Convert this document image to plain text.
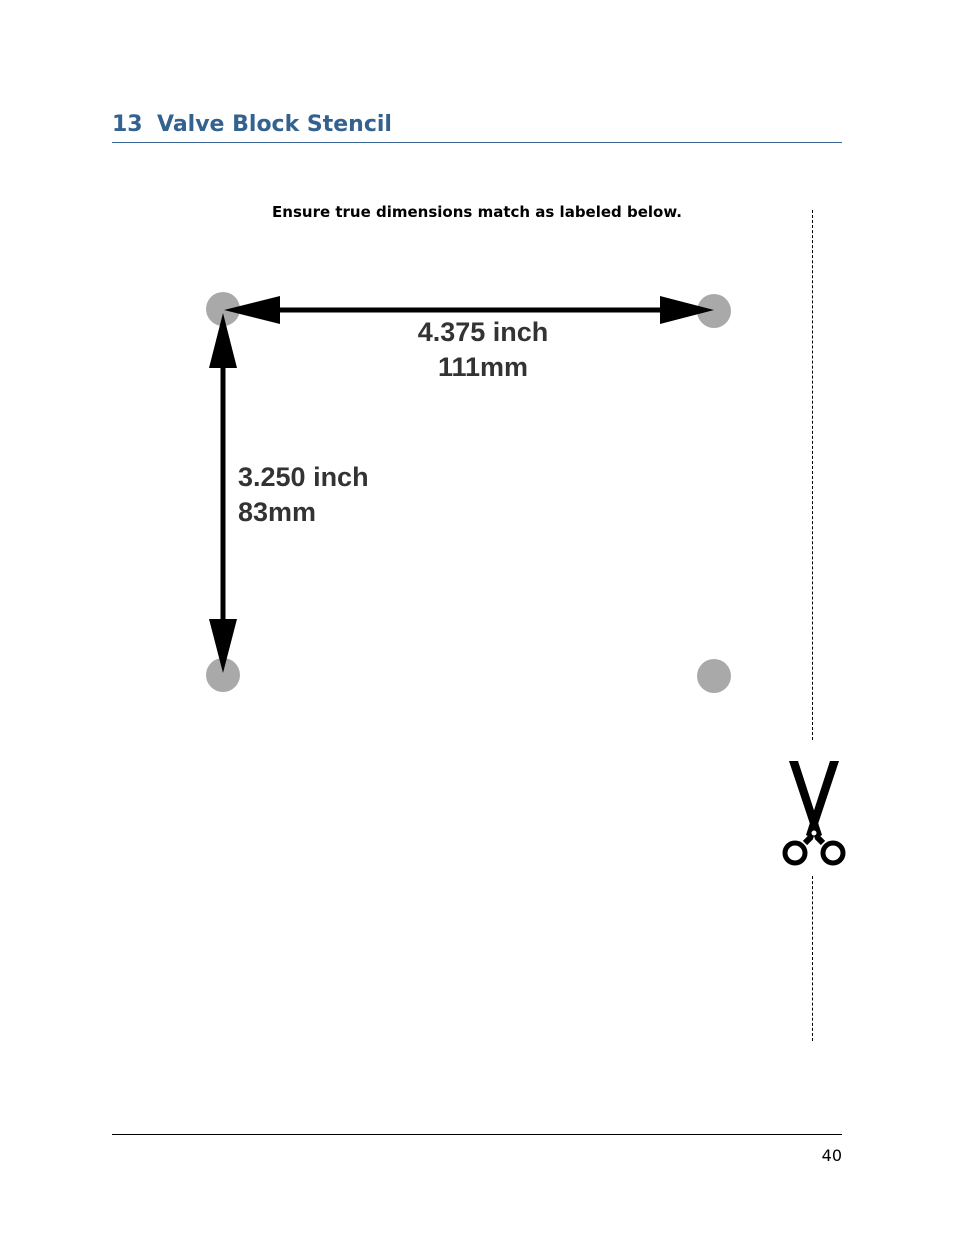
13 Valve Block Stencil
Ensure true dimensions match as labeled below.
4.375 inch
111mm
3.250 inch
83mm
40
